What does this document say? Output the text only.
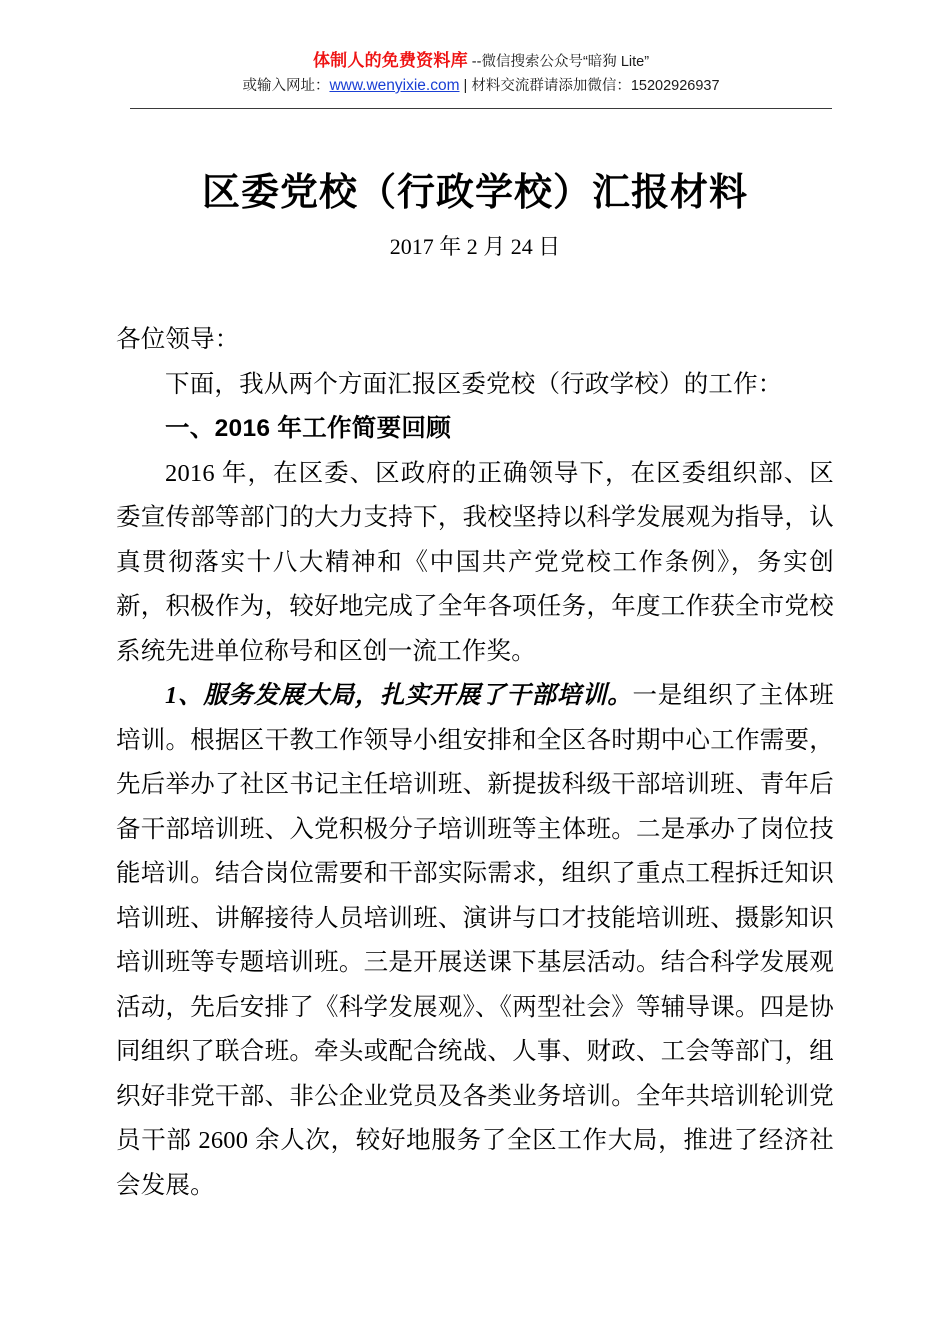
体制人的免费资料库 --微信搜索公众号“暗狗 Lite”
或输入网址：www.wenyixie.com | 材料交流群请添加微信：15202926937
区委党校（行政学校）汇报材料
2017 年 2 月 24 日

各位领导：

下面，我从两个方面汇报区委党校（行政学校）的工作：

一、2016 年工作简要回顾

2016 年，在区委、区政府的正确领导下，在区委组织部、区委宣传部等部门的大力支持下，我校坚持以科学发展观为指导，认真贯彻落实十八大精神和《中国共产党党校工作条例》，务实创新，积极作为，较好地完成了全年各项任务，年度工作获全市党校系统先进单位称号和区创一流工作奖。

1、服务发展大局，扎实开展了干部培训。一是组织了主体班培训。根据区干教工作领导小组安排和全区各时期中心工作需要，先后举办了社区书记主任培训班、新提拔科级干部培训班、青年后备干部培训班、入党积极分子培训班等主体班。二是承办了岗位技能培训。结合岗位需要和干部实际需求，组织了重点工程拆迁知识培训班、讲解接待人员培训班、演讲与口才技能培训班、摄影知识培训班等专题培训班。三是开展送课下基层活动。结合科学发展观活动，先后安排了《科学发展观》、《两型社会》等辅导课。四是协同组织了联合班。牵头或配合统战、人事、财政、工会等部门，组织好非党干部、非公企业党员及各类业务培训。全年共培训轮训党员干部 2600 余人次，较好地服务了全区工作大局，推进了经济社会发展。
